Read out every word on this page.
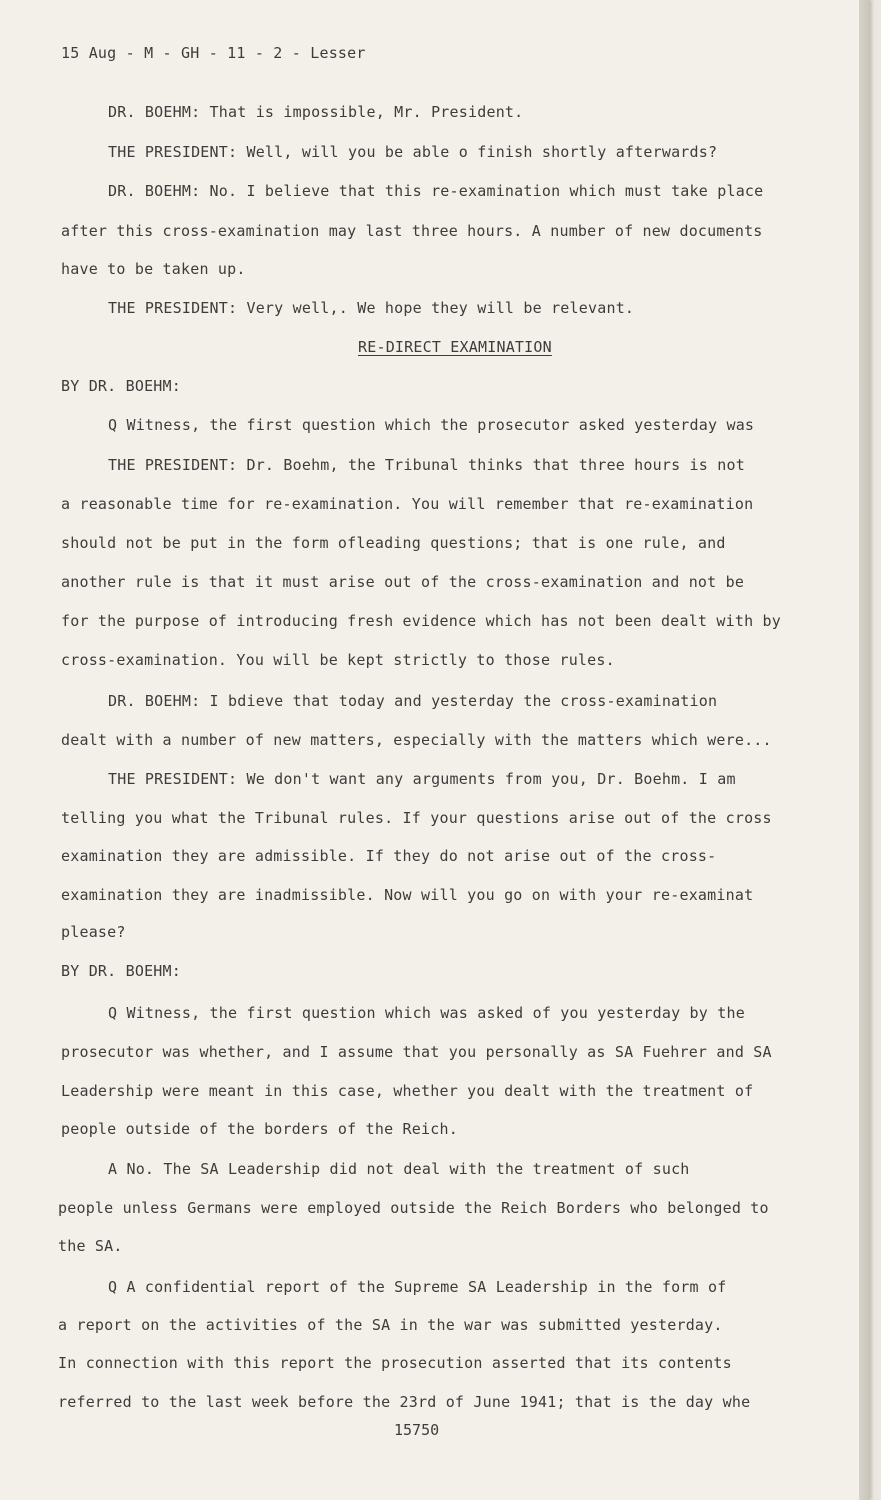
15 Aug - M - GH - 11 - 2 - Lesser
DR. BOEHM: That is impossible, Mr. President.
THE PRESIDENT: Well, will you be able o finish shortly afterwards?
DR. BOEHM: No. I believe that this re-examination which must take place
after this cross-examination may last three hours. A number of new documents
have to be taken up.
THE PRESIDENT: Very well,. We hope they will be relevant.
RE-DIRECT EXAMINATION
BY DR. BOEHM:
Q Witness, the first question which the prosecutor asked yesterday was
THE PRESIDENT: Dr. Boehm, the Tribunal thinks that three hours is not
a reasonable time for re-examination. You will remember that re-examination
should not be put in the form ofleading questions; that is one rule, and
another rule is that it must arise out of the cross-examination and not be
for the purpose of introducing fresh evidence which has not been dealt with by
cross-examination. You will be kept strictly to those rules.
DR. BOEHM: I bdieve that today and yesterday the cross-examination
dealt with a number of new matters, especially with the matters which were...
THE PRESIDENT: We don't want any arguments from you, Dr. Boehm. I am
telling you what the Tribunal rules. If your questions arise out of the cross
examination they are admissible. If they do not arise out of the cross-
examination they are inadmissible. Now will you go on with your re-examinat
please?
BY DR. BOEHM:
Q Witness, the first question which was asked of you yesterday by the
prosecutor was whether, and I assume that you personally as SA Fuehrer and SA
Leadership were meant in this case, whether you dealt with the treatment of
people outside of the borders of the Reich.
A No. The SA Leadership did not deal with the treatment of such
people unless Germans were employed outside the Reich Borders who belonged to
the SA.
Q A confidential report of the Supreme SA Leadership in the form of
a report on the activities of the SA in the war was submitted yesterday.
In connection with this report the prosecution asserted that its contents
referred to the last week before the 23rd of June 1941; that is the day whe
15750
